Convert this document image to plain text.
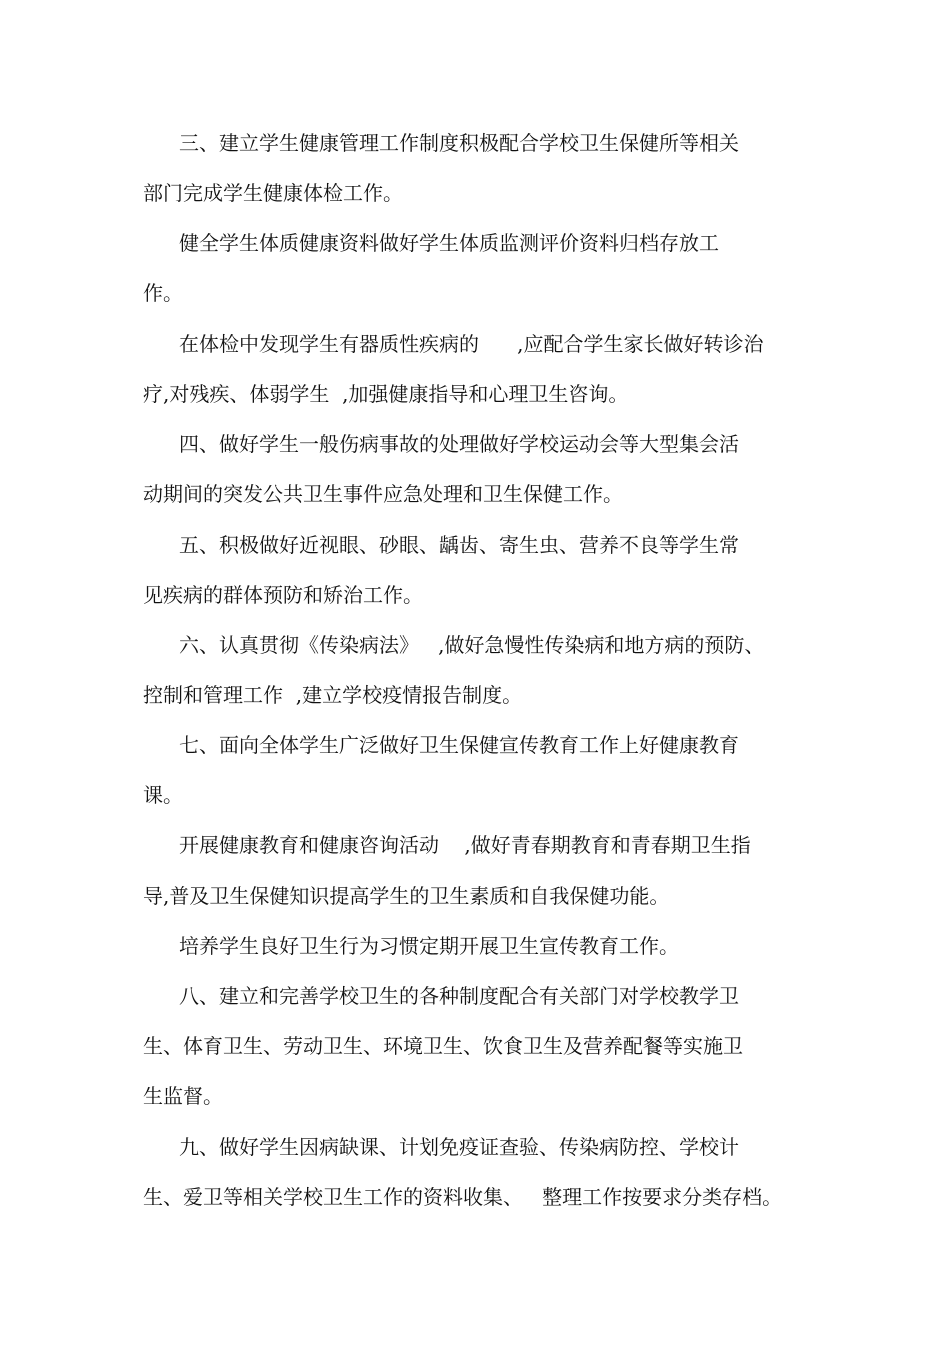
三、建立学生健康管理工作制度积极配合学校卫生保健所等相关
部门完成学生健康体检工作。
健全学生体质健康资料做好学生体质监测评价资料归档存放工
作。
在体检中发现学生有器质性疾病的      ,应配合学生家长做好转诊治
疗,对残疾、体弱学生  ,加强健康指导和心理卫生咨询。
四、做好学生一般伤病事故的处理做好学校运动会等大型集会活
动期间的突发公共卫生事件应急处理和卫生保健工作。
五、积极做好近视眼、砂眼、龋齿、寄生虫、营养不良等学生常
见疾病的群体预防和矫治工作。
六、认真贯彻《传染病法》   ,做好急慢性传染病和地方病的预防、
控制和管理工作  ,建立学校疫情报告制度。
七、面向全体学生广泛做好卫生保健宣传教育工作上好健康教育
课。
开展健康教育和健康咨询活动    ,做好青春期教育和青春期卫生指
导,普及卫生保健知识提高学生的卫生素质和自我保健功能。
培养学生良好卫生行为习惯定期开展卫生宣传教育工作。
八、建立和完善学校卫生的各种制度配合有关部门对学校教学卫
生、体育卫生、劳动卫生、环境卫生、饮食卫生及营养配餐等实施卫
生监督。
九、做好学生因病缺课、计划免疫证查验、传染病防控、学校计
生、爱卫等相关学校卫生工作的资料收集、   整理工作按要求分类存档。
